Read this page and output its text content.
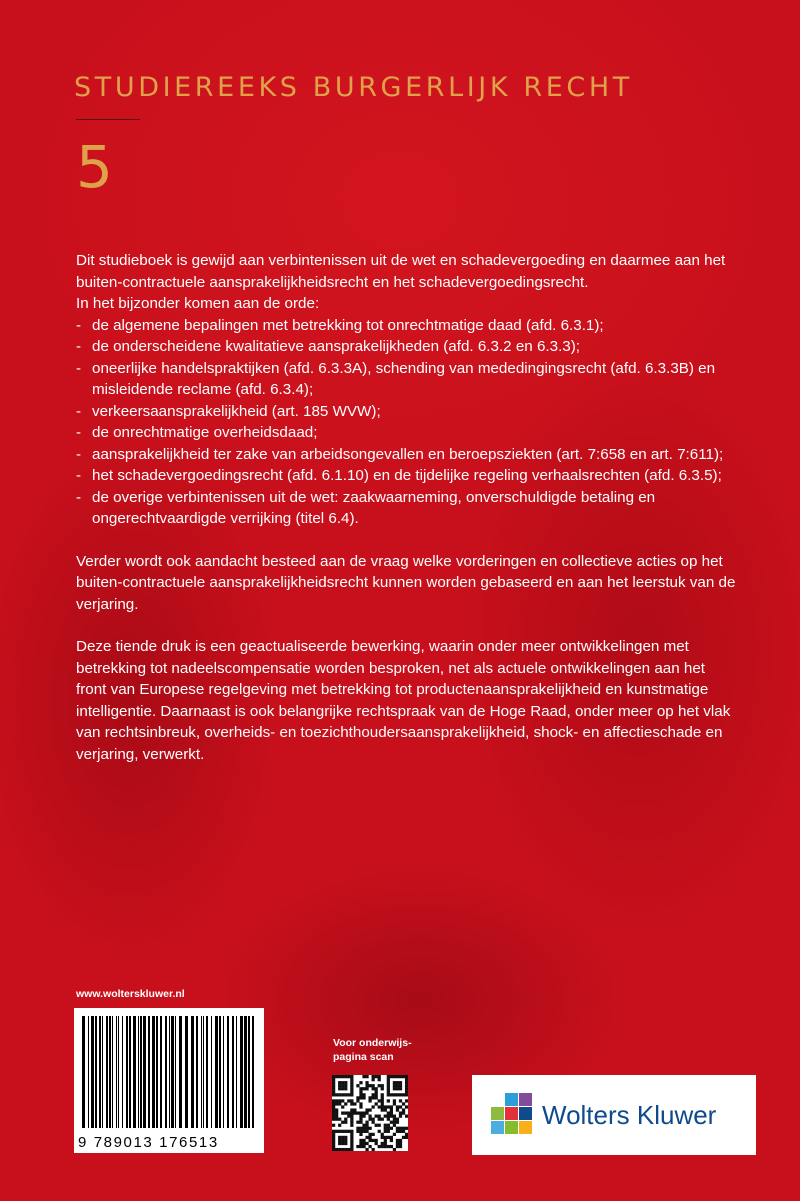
STUDIEREEKS BURGERLIJK RECHT
5

Dit studieboek is gewijd aan verbintenissen uit de wet en schadevergoeding en daarmee aan het buiten-contractuele aansprakelijkheidsrecht en het schadevergoedingsrecht.

In het bijzonder komen aan de orde:

- de algemene bepalingen met betrekking tot onrechtmatige daad (afd. 6.3.1);
- de onderscheidene kwalitatieve aansprakelijkheden (afd. 6.3.2 en 6.3.3);
- oneerlijke handelspraktijken (afd. 6.3.3A), schending van mededingingsrecht (afd. 6.3.3B) en misleidende reclame (afd. 6.3.4);
- verkeersaansprakelijkheid (art. 185 WVW);
- de onrechtmatige overheidsdaad;
- aansprakelijkheid ter zake van arbeidsongevallen en beroepsziekten (art. 7:658 en art. 7:611);
- het schadevergoedingsrecht (afd. 6.1.10) en de tijdelijke regeling verhaalsrechten (afd. 6.3.5);
- de overige verbintenissen uit de wet: zaakwaarneming, onverschuldigde betaling en ongerechtvaardigde verrijking (titel 6.4).

Verder wordt ook aandacht besteed aan de vraag welke vorderingen en collectieve acties op het buiten-contractuele aansprakelijkheidsrecht kunnen worden gebaseerd en aan het leerstuk van de verjaring.

Deze tiende druk is een geactualiseerde bewerking, waarin onder meer ontwikkelingen met betrekking tot nadeelscompensatie worden besproken, net als actuele ontwikkelingen aan het front van Europese regelgeving met betrekking tot productenaansprakelijkheid en kunstmatige intelligentie. Daarnaast is ook belangrijke rechtspraak van de Hoge Raad, onder meer op het vlak van rechtsinbreuk, overheids- en toezichthoudersaansprakelijkheid, shock- en affectieschade en verjaring, verwerkt.

www.wolterskluwer.nl
9 789013 176513
Voor onderwijs-
pagina scan
Wolters Kluwer
